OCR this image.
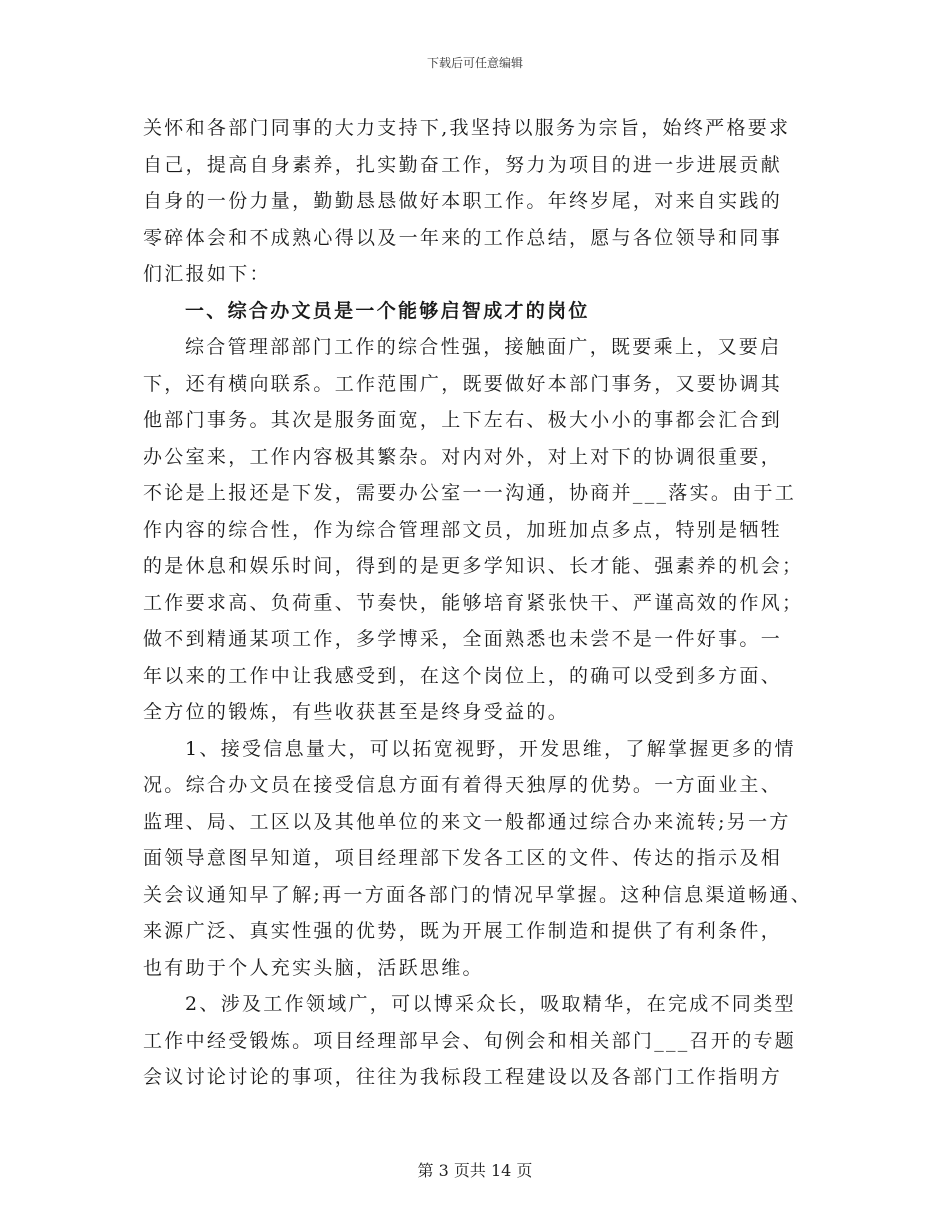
下载后可任意编辑
关怀和各部门同事的大力支持下,我坚持以服务为宗旨，始终严格要求
自己，提高自身素养，扎实勤奋工作，努力为项目的进一步进展贡献
自身的一份力量，勤勤恳恳做好本职工作。年终岁尾，对来自实践的
零碎体会和不成熟心得以及一年来的工作总结，愿与各位领导和同事
们汇报如下：
一、综合办文员是一个能够启智成才的岗位
综合管理部部门工作的综合性强，接触面广，既要乘上，又要启
下，还有横向联系。工作范围广，既要做好本部门事务，又要协调其
他部门事务。其次是服务面宽，上下左右、极大小小的事都会汇合到
办公室来，工作内容极其繁杂。对内对外，对上对下的协调很重要，
不论是上报还是下发，需要办公室一一沟通，协商并___落实。由于工
作内容的综合性，作为综合管理部文员，加班加点多点，特别是牺牲
的是休息和娱乐时间，得到的是更多学知识、长才能、强素养的机会；
工作要求高、负荷重、节奏快，能够培育紧张快干、严谨高效的作风；
做不到精通某项工作，多学博采，全面熟悉也未尝不是一件好事。一
年以来的工作中让我感受到，在这个岗位上，的确可以受到多方面、
全方位的锻炼，有些收获甚至是终身受益的。
1、接受信息量大，可以拓宽视野，开发思维，了解掌握更多的情
况。综合办文员在接受信息方面有着得天独厚的优势。一方面业主、
监理、局、工区以及其他单位的来文一般都通过综合办来流转;另一方
面领导意图早知道，项目经理部下发各工区的文件、传达的指示及相
关会议通知早了解;再一方面各部门的情况早掌握。这种信息渠道畅通、
来源广泛、真实性强的优势，既为开展工作制造和提供了有利条件，
也有助于个人充实头脑，活跃思维。
2、涉及工作领域广，可以博采众长，吸取精华，在完成不同类型
工作中经受锻炼。项目经理部早会、旬例会和相关部门___召开的专题
会议讨论讨论的事项，往往为我标段工程建设以及各部门工作指明方
第 3 页共 14 页
